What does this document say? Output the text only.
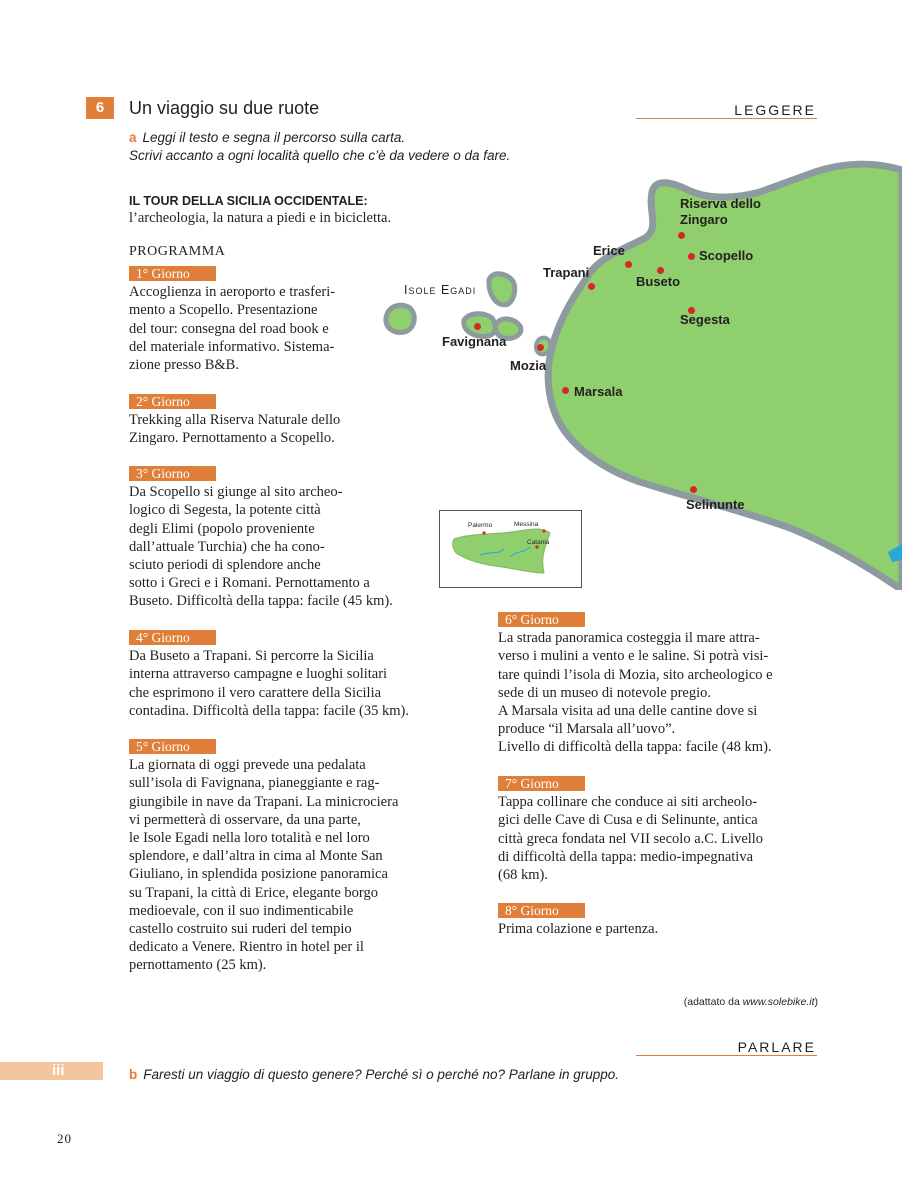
6	Un viaggio su due ruote	LEGGERE
a Leggi il testo e segna il percorso sulla carta.
Scrivi accanto a ogni località quello che c’è da vedere o da fare.
Riserva dello
Zingaro
Erice	Scopello
Trapani
Buseto
Isole Egadi
Segesta
Favignana
Mozia
Marsala
Selinunte
Palermo	Messina
Catania
IL TOUR DELLA SICILIA OCCIDENTALE:
l’archeologia, la natura a piedi e in bicicletta.
PROGRAMMA
1° Giorno
Accoglienza in aeroporto e trasferi-
mento a Scopello. Presentazione
del tour: consegna del road book e
del materiale informativo. Sistema-
zione presso B&B.
2° Giorno
Trekking alla Riserva Naturale dello
Zingaro. Pernottamento a Scopello.
3° Giorno
Da Scopello si giunge al sito archeo-
logico di Segesta, la potente città
degli Elimi (popolo proveniente
dall’attuale Turchia) che ha cono-
sciuto periodi di splendore anche
sotto i Greci e i Romani. Pernottamento a
Buseto. Difficoltà della tappa: facile (45 km).
4° Giorno
Da Buseto a Trapani. Si percorre la Sicilia
interna attraverso campagne e luoghi solitari
che esprimono il vero carattere della Sicilia
contadina. Difficoltà della tappa: facile (35 km).
5° Giorno
La giornata di oggi prevede una pedalata
sull’isola di Favignana, pianeggiante e rag-
giungibile in nave da Trapani. La minicrociera
vi permetterà di osservare, da una parte,
le Isole Egadi nella loro totalità e nel loro
splendore, e dall’altra in cima al Monte San
Giuliano, in splendida posizione panoramica
su Trapani, la città di Erice, elegante borgo
medioevale, con il suo indimenticabile
castello costruito sui ruderi del tempio
dedicato a Venere. Rientro in hotel per il
pernottamento (25 km).
6° Giorno
La strada panoramica costeggia il mare attra-
verso i mulini a vento e le saline. Si potrà visi-
tare quindi l’isola di Mozia, sito archeologico e
sede di un museo di notevole pregio.
A Marsala visita ad una delle cantine dove si
produce “il Marsala all’uovo”.
Livello di difficoltà della tappa: facile (48 km).
7° Giorno
Tappa collinare che conduce ai siti archeolo-
gici delle Cave di Cusa e di Selinunte, antica
città greca fondata nel VII secolo a.C. Livello
di difficoltà della tappa: medio-impegnativa
(68 km).
8° Giorno
Prima colazione e partenza.
(adattato da www.solebike.it)
PARLARE
iii	b Faresti un viaggio di questo genere? Perché sì o perché no? Parlane in gruppo.
20
